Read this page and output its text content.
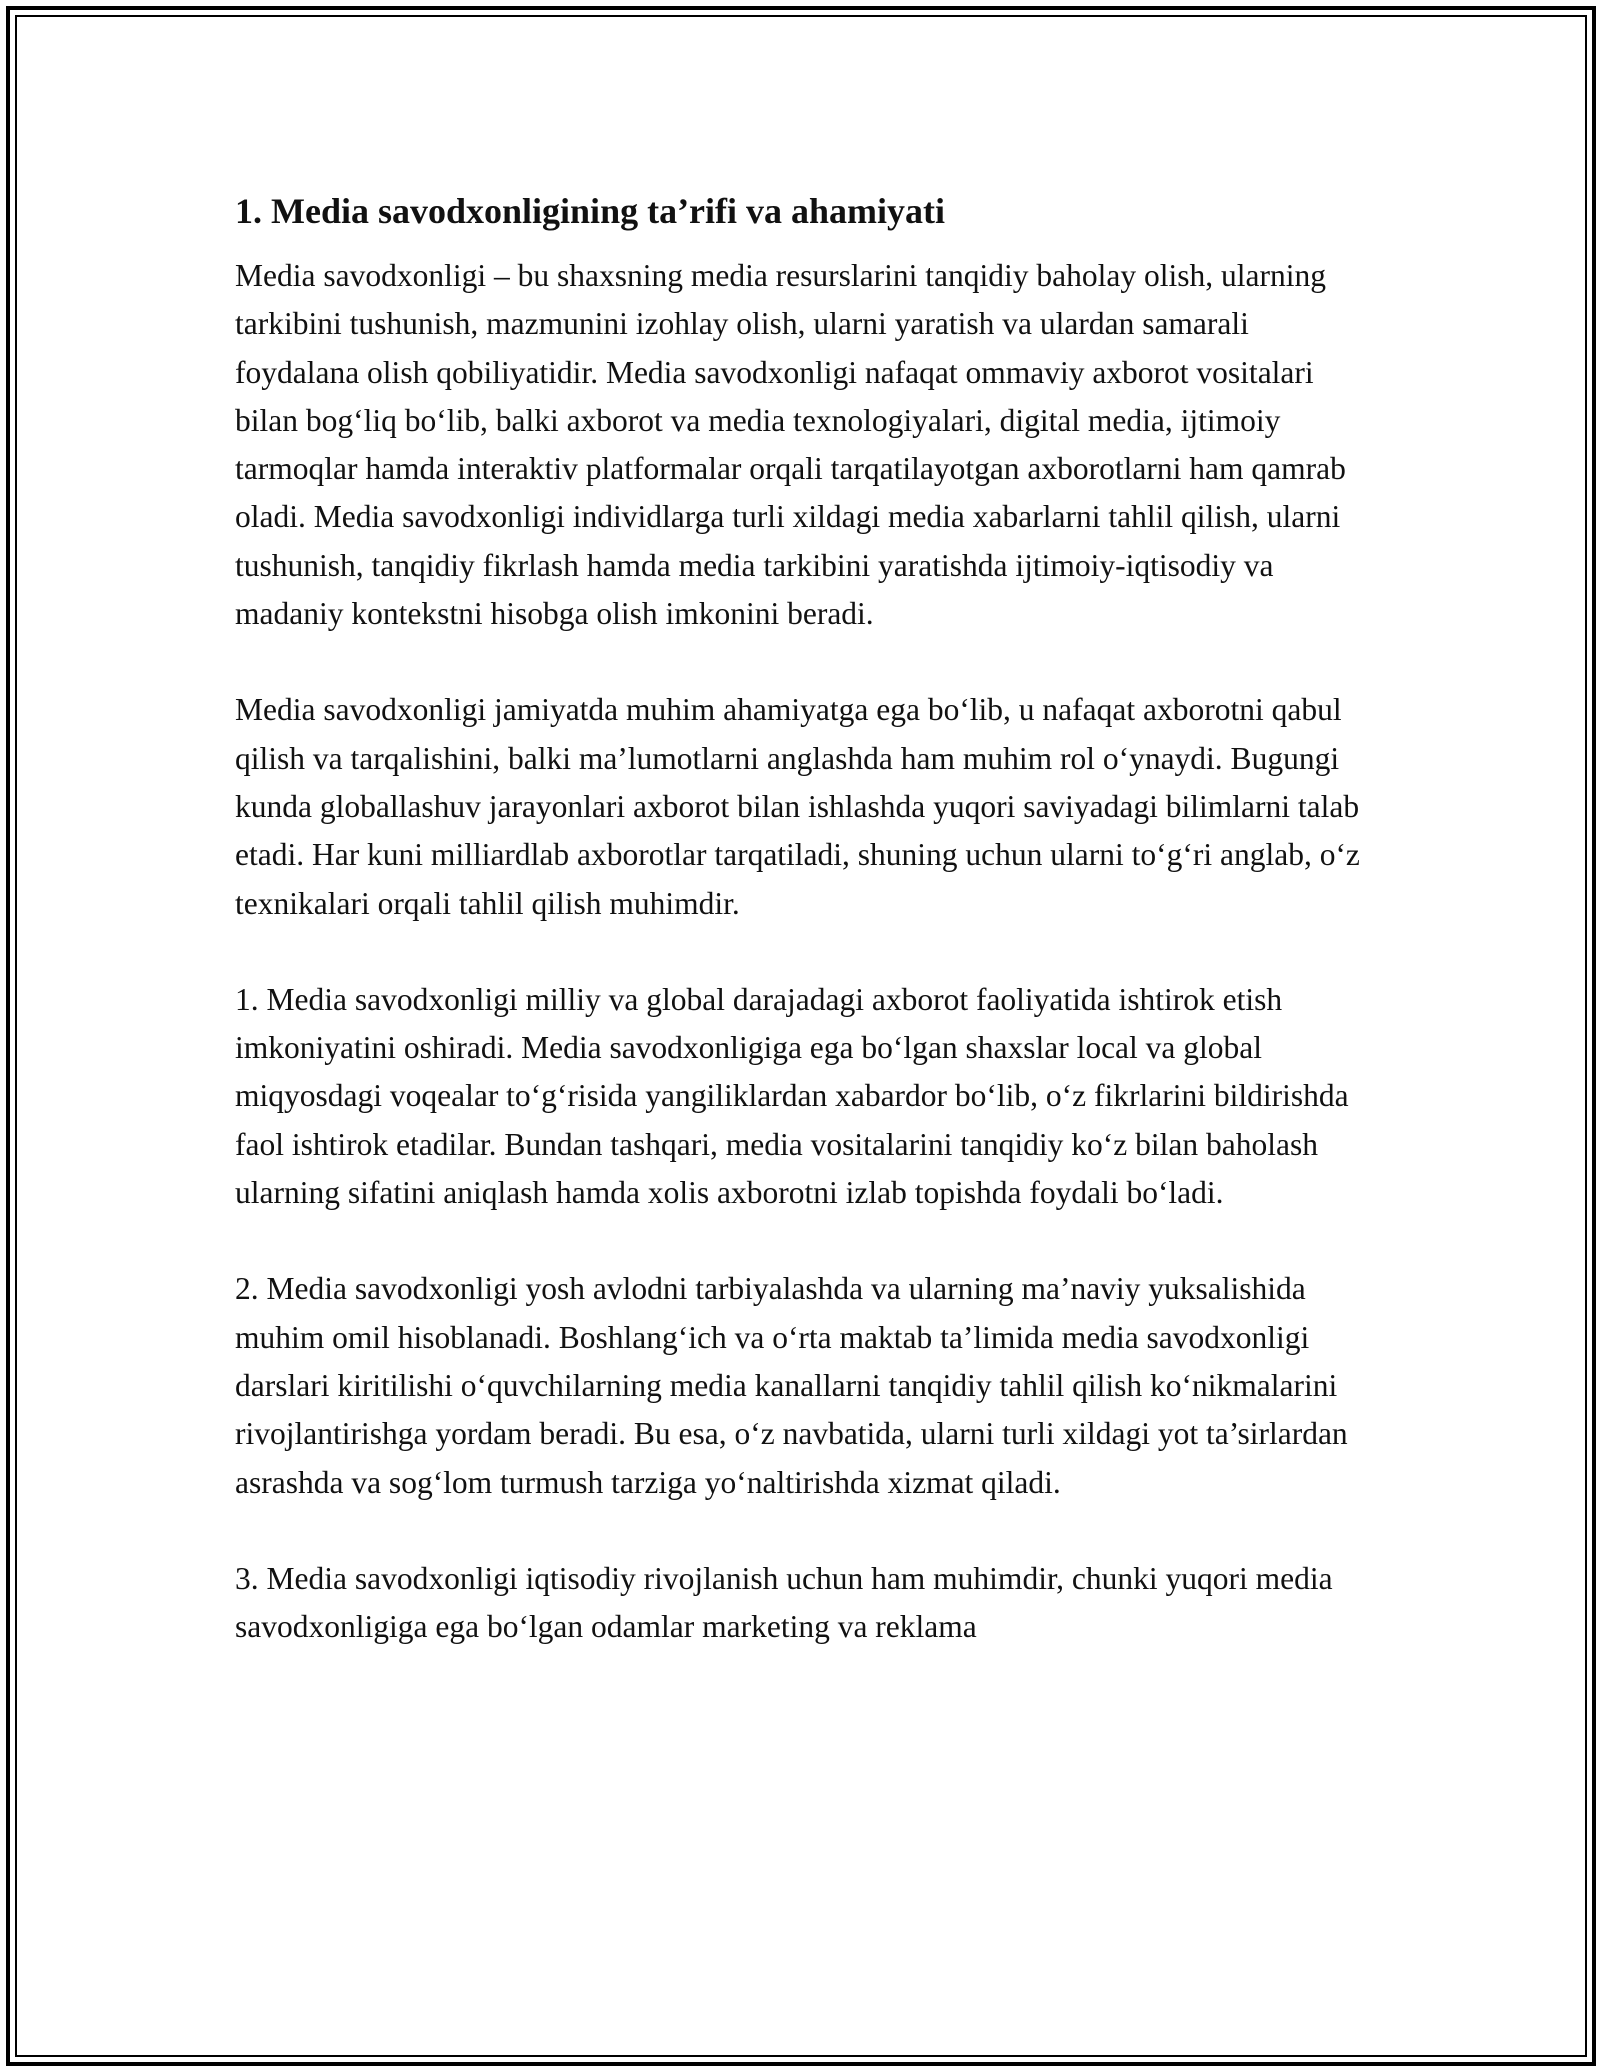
1. Media savodxonligining ta’rifi va ahamiyati

Media savodxonligi – bu shaxsning media resurslarini tanqidiy baholay olish, ularning tarkibini tushunish, mazmunini izohlay olish, ularni yaratish va ulardan samarali foydalana olish qobiliyatidir. Media savodxonligi nafaqat ommaviy axborot vositalari bilan bog‘liq bo‘lib, balki axborot va media texnologiyalari, digital media, ijtimoiy tarmoqlar hamda interaktiv platformalar orqali tarqatilayotgan axborotlarni ham qamrab oladi. Media savodxonligi individlarga turli xildagi media xabarlarni tahlil qilish, ularni tushunish, tanqidiy fikrlash hamda media tarkibini yaratishda ijtimoiy-iqtisodiy va madaniy kontekstni hisobga olish imkonini beradi.

Media savodxonligi jamiyatda muhim ahamiyatga ega bo‘lib, u nafaqat axborotni qabul qilish va tarqalishini, balki ma’lumotlarni anglashda ham muhim rol o‘ynaydi. Bugungi kunda globallashuv jarayonlari axborot bilan ishlashda yuqori saviyadagi bilimlarni talab etadi. Har kuni milliardlab axborotlar tarqatiladi, shuning uchun ularni to‘g‘ri anglab, o‘z texnikalari orqali tahlil qilish muhimdir.

1. Media savodxonligi milliy va global darajadagi axborot faoliyatida ishtirok etish imkoniyatini oshiradi. Media savodxonligiga ega bo‘lgan shaxslar local va global miqyosdagi voqealar to‘g‘risida yangiliklardan xabardor bo‘lib, o‘z fikrlarini bildirishda faol ishtirok etadilar. Bundan tashqari, media vositalarini tanqidiy ko‘z bilan baholash ularning sifatini aniqlash hamda xolis axborotni izlab topishda foydali bo‘ladi.

2. Media savodxonligi yosh avlodni tarbiyalashda va ularning ma’naviy yuksalishida muhim omil hisoblanadi. Boshlang‘ich va o‘rta maktab ta’limida media savodxonligi darslari kiritilishi o‘quvchilarning media kanallarni tanqidiy tahlil qilish ko‘nikmalarini rivojlantirishga yordam beradi. Bu esa, o‘z navbatida, ularni turli xildagi yot ta’sirlardan asrashda va sog‘lom turmush tarziga yo‘naltirishda xizmat qiladi.

3. Media savodxonligi iqtisodiy rivojlanish uchun ham muhimdir, chunki yuqori media savodxonligiga ega bo‘lgan odamlar marketing va reklama
